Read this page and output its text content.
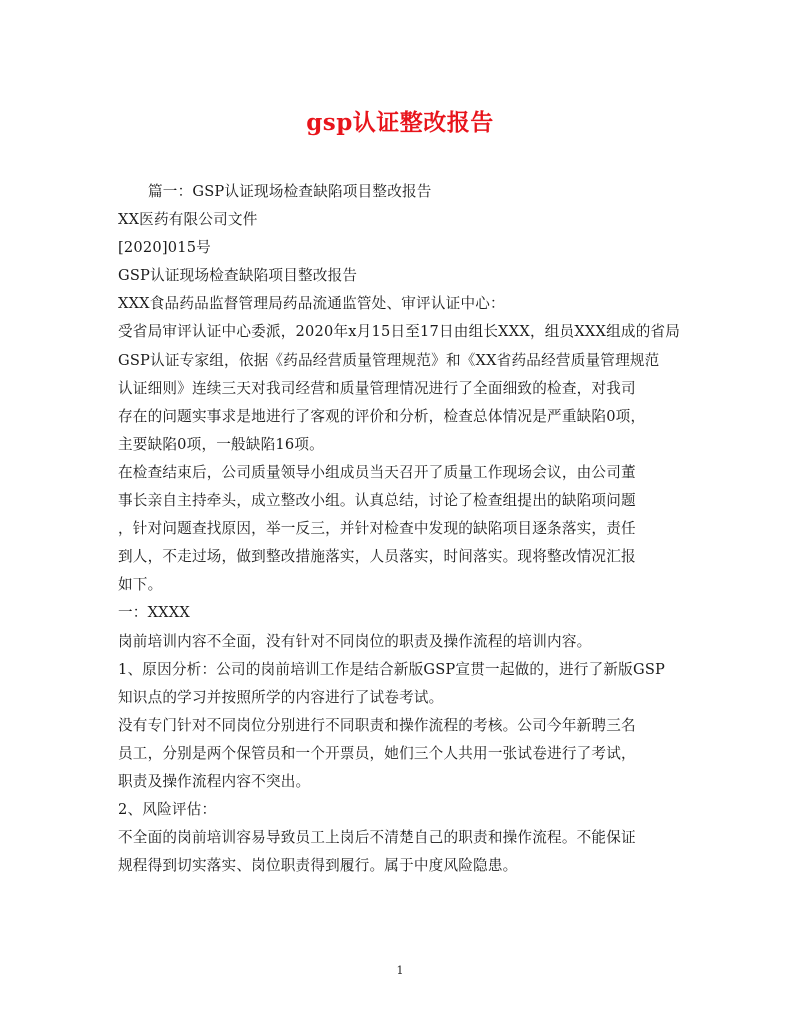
gsp认证整改报告
篇一：GSP认证现场检查缺陷项目整改报告
XX医药有限公司文件
[2020]015号
GSP认证现场检查缺陷项目整改报告
XXX食品药品监督管理局药品流通监管处、审评认证中心：
受省局审评认证中心委派，2020年x月15日至17日由组长XXX，组员XXX组成的省局
GSP认证专家组，依据《药品经营质量管理规范》和《XX省药品经营质量管理规范
认证细则》连续三天对我司经营和质量管理情况进行了全面细致的检查，对我司
存在的问题实事求是地进行了客观的评价和分析，检查总体情况是严重缺陷0项，
主要缺陷0项，一般缺陷16项。
在检查结束后，公司质量领导小组成员当天召开了质量工作现场会议，由公司董
事长亲自主持牵头，成立整改小组。认真总结，讨论了检查组提出的缺陷项问题
，针对问题查找原因，举一反三，并针对检查中发现的缺陷项目逐条落实，责任
到人，不走过场，做到整改措施落实，人员落实，时间落实。现将整改情况汇报
如下。
一：XXXX
岗前培训内容不全面，没有针对不同岗位的职责及操作流程的培训内容。
1、原因分析：公司的岗前培训工作是结合新版GSP宣贯一起做的，进行了新版GSP
知识点的学习并按照所学的内容进行了试卷考试。
没有专门针对不同岗位分别进行不同职责和操作流程的考核。公司今年新聘三名
员工，分别是两个保管员和一个开票员，她们三个人共用一张试卷进行了考试，
职责及操作流程内容不突出。
2、风险评估：
不全面的岗前培训容易导致员工上岗后不清楚自己的职责和操作流程。不能保证
规程得到切实落实、岗位职责得到履行。属于中度风险隐患。
1
